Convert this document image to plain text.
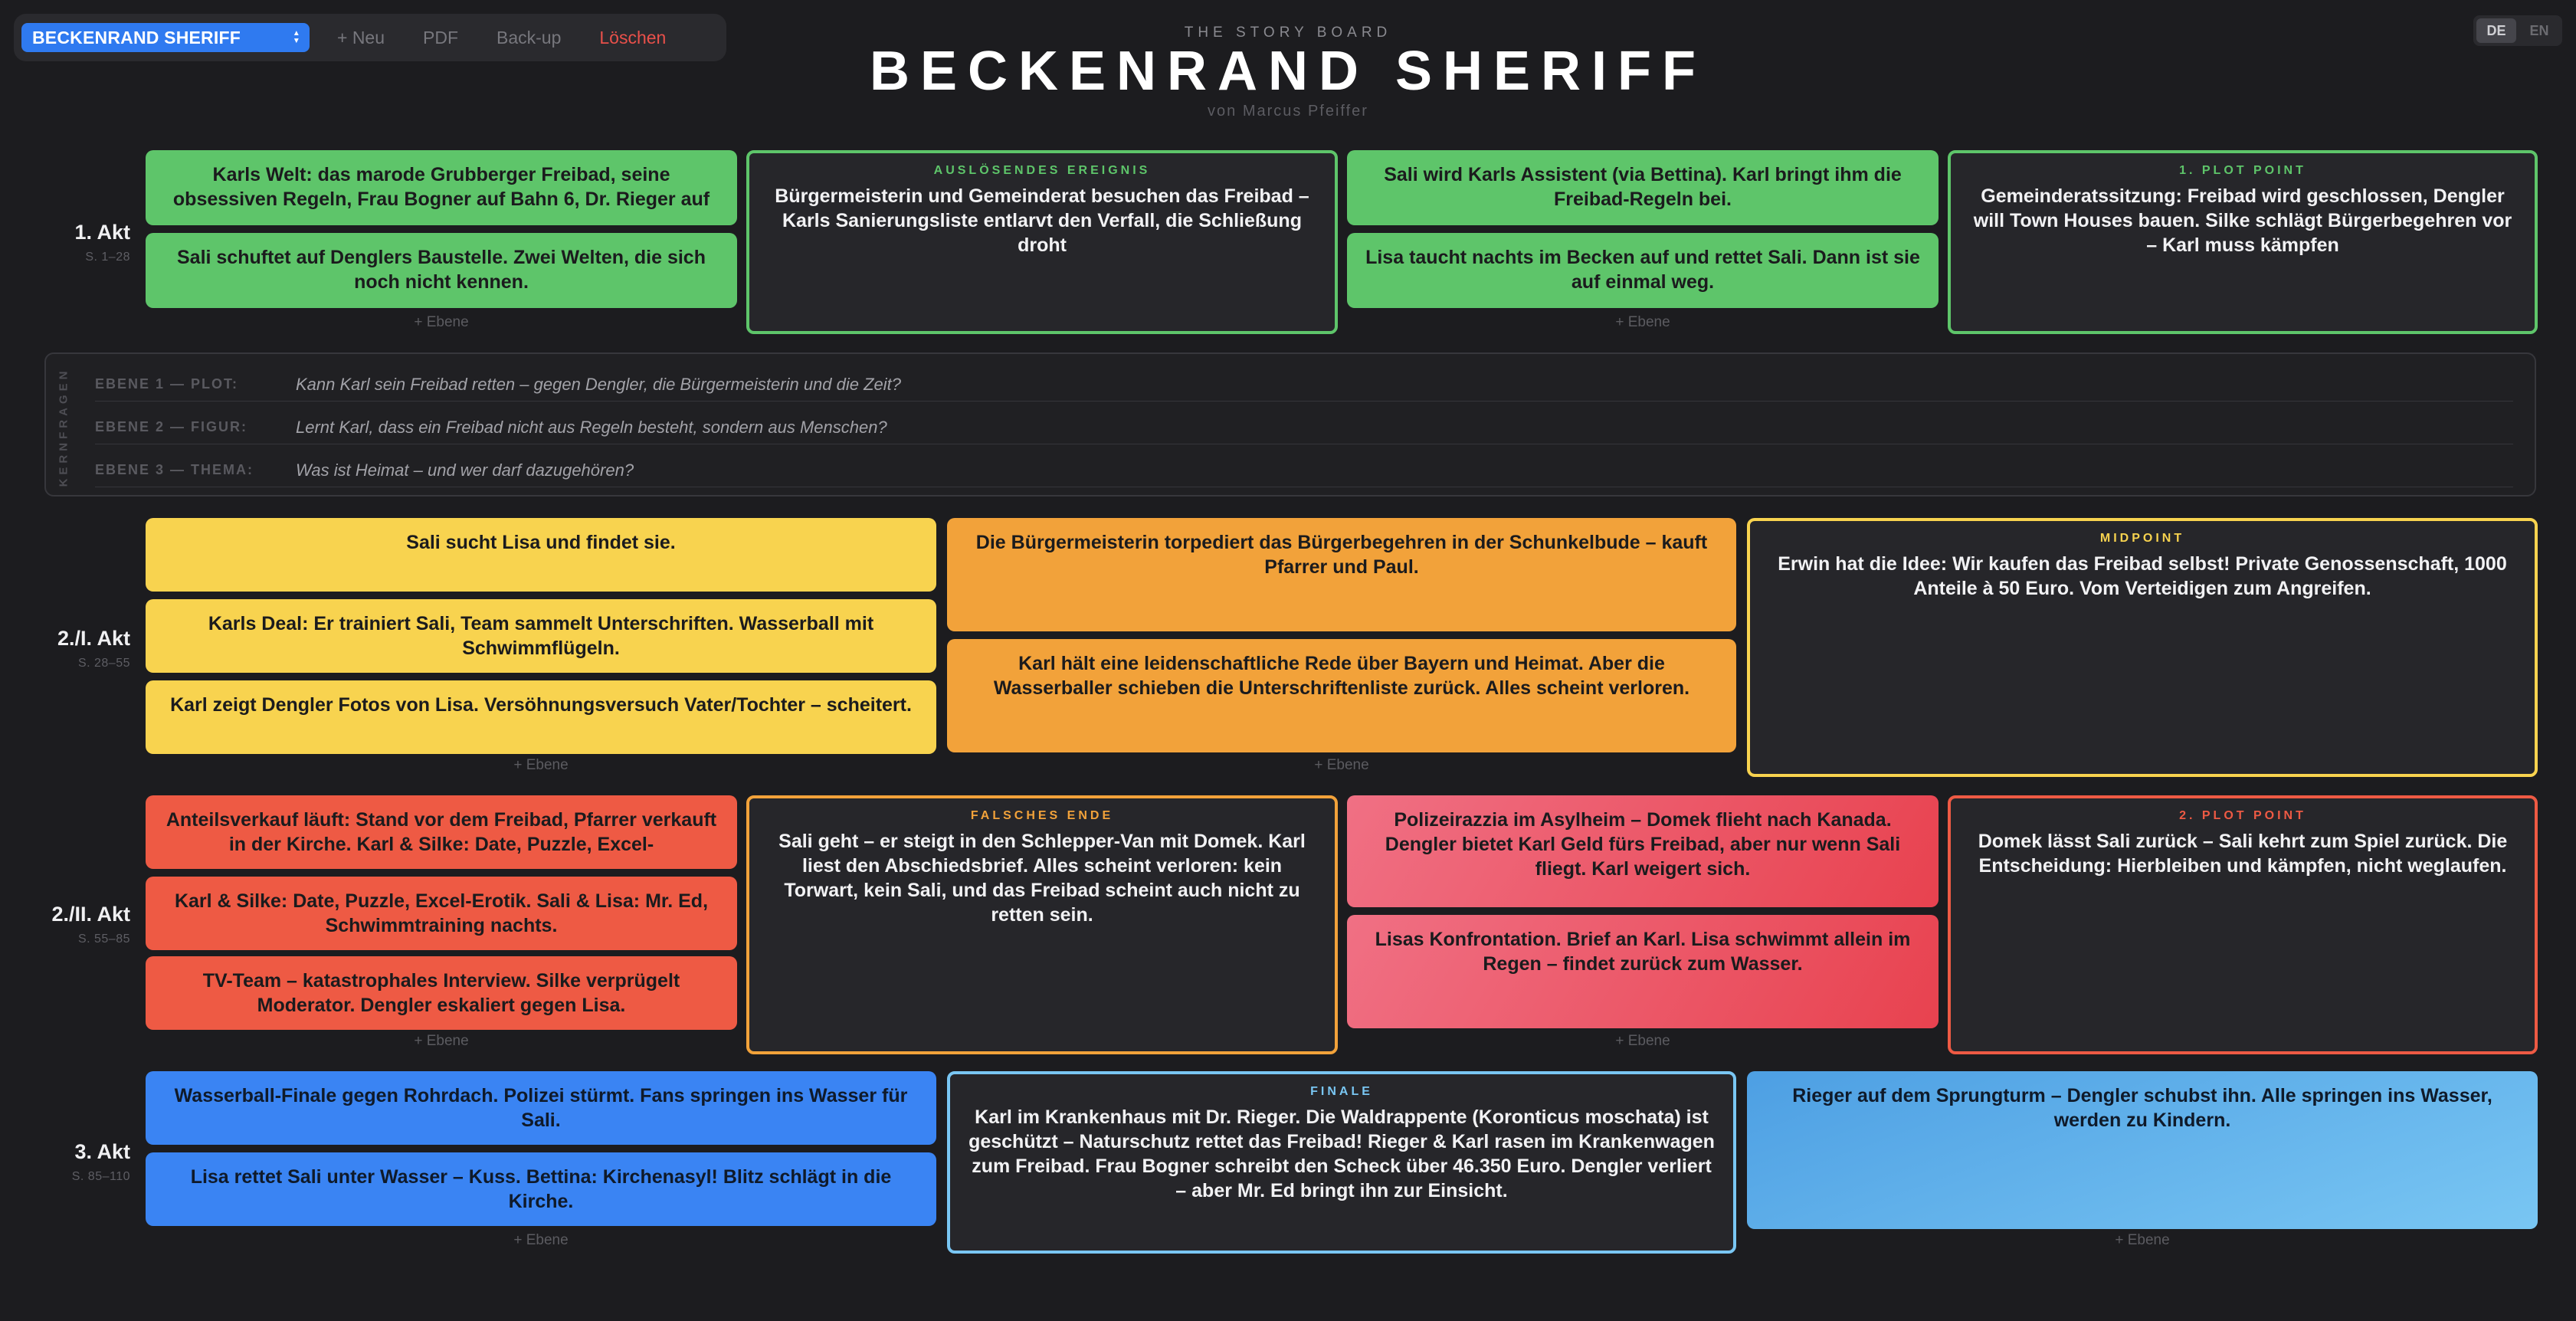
BECKENRAND SHERIFF	▲
▼ + Neu PDF Back-up Löschen	DE	EN
THE STORY BOARD
BECKENRAND SHERIFF
von Marcus Pfeiffer
1. Akt
S. 1–28
Karls Welt: das marode Grubberger Freibad, seine obsessiven Regeln, Frau Bogner auf Bahn 6, Dr. Rieger auf
Sali schuftet auf Denglers Baustelle. Zwei Welten, die sich noch nicht kennen.
+ Ebene
AUSLÖSENDES EREIGNIS
Bürgermeisterin und Gemeinderat besuchen das Freibad – Karls Sanierungsliste entlarvt den Verfall, die Schließung droht
Sali wird Karls Assistent (via Bettina). Karl bringt ihm die Freibad-Regeln bei.
Lisa taucht nachts im Becken auf und rettet Sali. Dann ist sie auf einmal weg.
+ Ebene
1. PLOT POINT
Gemeinderatssitzung: Freibad wird geschlossen, Dengler will Town Houses bauen. Silke schlägt Bürgerbegehren vor – Karl muss kämpfen
KERNFRAGEN EBENE 1 — PLOT:	Kann Karl sein Freibad retten – gegen Dengler, die Bürgermeisterin und die Zeit?
EBENE 2 — FIGUR:	Lernt Karl, dass ein Freibad nicht aus Regeln besteht, sondern aus Menschen?
EBENE 3 — THEMA:	Was ist Heimat – und wer darf dazugehören?
2./I. Akt
S. 28–55
Sali sucht Lisa und findet sie.
Karls Deal: Er trainiert Sali, Team sammelt Unterschriften. Wasserball mit Schwimmflügeln.
Karl zeigt Dengler Fotos von Lisa. Versöhnungsversuch Vater/Tochter – scheitert.
+ Ebene
Die Bürgermeisterin torpediert das Bürgerbegehren in der Schunkelbude – kauft Pfarrer und Paul.
Karl hält eine leidenschaftliche Rede über Bayern und Heimat. Aber die Wasserballer schieben die Unterschriftenliste zurück. Alles scheint verloren.
+ Ebene
MIDPOINT
Erwin hat die Idee: Wir kaufen das Freibad selbst! Private Genossenschaft, 1000 Anteile à 50 Euro. Vom Verteidigen zum Angreifen.
2./II. Akt
S. 55–85
Anteilsverkauf läuft: Stand vor dem Freibad, Pfarrer verkauft in der Kirche. Karl & Silke: Date, Puzzle, Excel-
Karl & Silke: Date, Puzzle, Excel-Erotik. Sali & Lisa: Mr. Ed, Schwimmtraining nachts.
TV-Team – katastrophales Interview. Silke verprügelt Moderator. Dengler eskaliert gegen Lisa.
+ Ebene
FALSCHES ENDE
Sali geht – er steigt in den Schlepper-Van mit Domek. Karl liest den Abschiedsbrief. Alles scheint verloren: kein Torwart, kein Sali, und das Freibad scheint auch nicht zu retten sein.
Polizeirazzia im Asylheim – Domek flieht nach Kanada. Dengler bietet Karl Geld fürs Freibad, aber nur wenn Sali fliegt. Karl weigert sich.
Lisas Konfrontation. Brief an Karl. Lisa schwimmt allein im Regen – findet zurück zum Wasser.
+ Ebene
2. PLOT POINT
Domek lässt Sali zurück – Sali kehrt zum Spiel zurück. Die Entscheidung: Hierbleiben und kämpfen, nicht weglaufen.
3. Akt
S. 85–110
Wasserball-Finale gegen Rohrdach. Polizei stürmt. Fans springen ins Wasser für Sali.
Lisa rettet Sali unter Wasser – Kuss. Bettina: Kirchenasyl! Blitz schlägt in die Kirche.
+ Ebene
FINALE
Karl im Krankenhaus mit Dr. Rieger. Die Waldrappente (Koronticus moschata) ist geschützt – Naturschutz rettet das Freibad! Rieger & Karl rasen im Krankenwagen zum Freibad. Frau Bogner schreibt den Scheck über 46.350 Euro. Dengler verliert – aber Mr. Ed bringt ihn zur Einsicht.
Rieger auf dem Sprungturm – Dengler schubst ihn. Alle springen ins Wasser, werden zu Kindern.
+ Ebene
